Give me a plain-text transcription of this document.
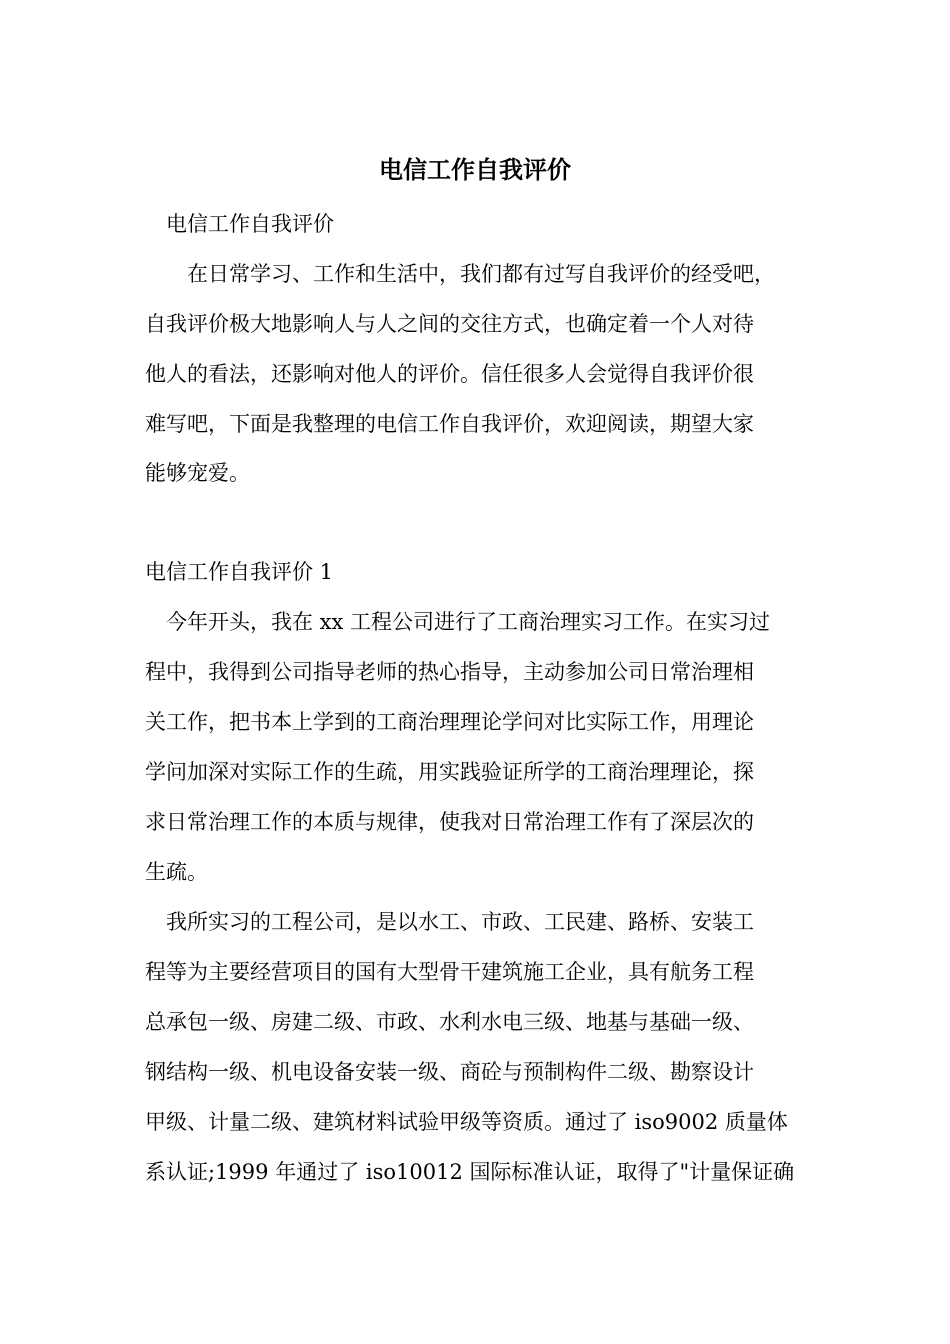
电信工作自我评价
　电信工作自我评价
　　在日常学习、工作和生活中，我们都有过写自我评价的经受吧，
自我评价极大地影响人与人之间的交往方式，也确定着一个人对待
他人的看法，还影响对他人的评价。信任很多人会觉得自我评价很
难写吧，下面是我整理的电信工作自我评价，欢迎阅读，期望大家
能够宠爱。
电信工作自我评价 1
　今年开头，我在 xx 工程公司进行了工商治理实习工作。在实习过
程中，我得到公司指导老师的热心指导，主动参加公司日常治理相
关工作，把书本上学到的工商治理理论学问对比实际工作，用理论
学问加深对实际工作的生疏，用实践验证所学的工商治理理论，探
求日常治理工作的本质与规律，使我对日常治理工作有了深层次的
生疏。
　我所实习的工程公司，是以水工、市政、工民建、路桥、安装工
程等为主要经营项目的国有大型骨干建筑施工企业，具有航务工程
总承包一级、房建二级、市政、水利水电三级、地基与基础一级、
钢结构一级、机电设备安装一级、商砼与预制构件二级、勘察设计
甲级、计量二级、建筑材料试验甲级等资质。通过了 iso9002 质量体
系认证;1999 年通过了 iso10012 国际标准认证，取得了"计量保证确
